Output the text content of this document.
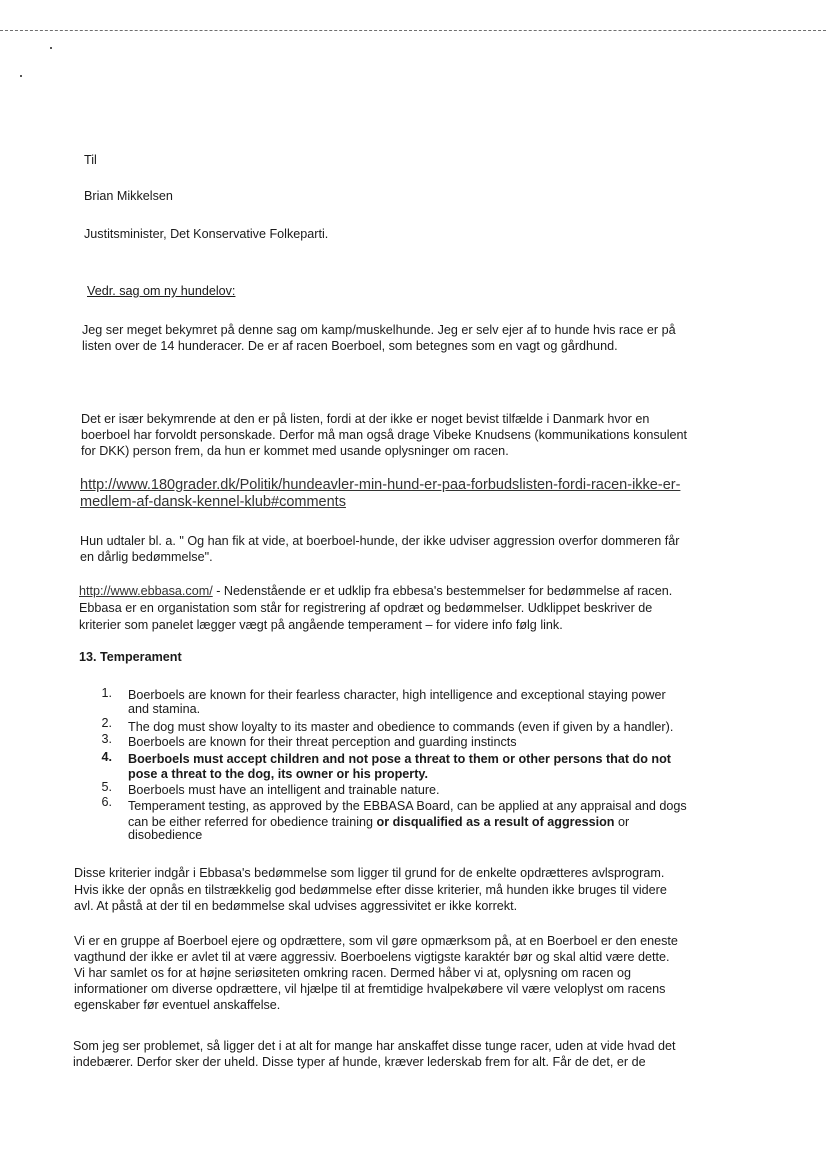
Til
Brian Mikkelsen
Justitsminister, Det Konservative Folkeparti.
Vedr. sag om ny hundelov:
Jeg ser meget bekymret på denne sag om kamp/muskelhunde. Jeg er selv ejer af to hunde hvis race er på
listen over de 14 hunderacer. De er af racen Boerboel, som betegnes som en vagt og gårdhund.
Det er især bekymrende at den er på listen, fordi at der ikke er noget bevist tilfælde i Danmark hvor en
boerboel har forvoldt personskade. Derfor må man også drage Vibeke Knudsens (kommunikations konsulent
for DKK) person frem, da hun er kommet med usande oplysninger om racen.
http://www.180grader.dk/Politik/hundeavler-min-hund-er-paa-forbudslisten-fordi-racen-ikke-er-
medlem-af-dansk-kennel-klub#comments
Hun udtaler bl. a. " Og han fik at vide, at boerboel-hunde, der ikke udviser aggression overfor dommeren får
en dårlig bedømmelse".
http://www.ebbasa.com/ - Nedenstående er et udklip fra ebbesa's bestemmelser for bedømmelse af racen.
Ebbasa er en organistation som står for registrering af opdræt og bedømmelser. Udklippet beskriver de
kriterier som panelet lægger vægt på angående temperament – for videre info følg link.
13. Temperament
1. Boerboels are known for their fearless character, high intelligence and exceptional staying power
and stamina.
2. The dog must show loyalty to its master and obedience to commands (even if given by a handler).
3. Boerboels are known for their threat perception and guarding instincts
4. Boerboels must accept children and not pose a threat to them or other persons that do not
pose a threat to the dog, its owner or his property.
5. Boerboels must have an intelligent and trainable nature.
6. Temperament testing, as approved by the EBBASA Board, can be applied at any appraisal and dogs
can be either referred for obedience training or disqualified as a result of aggression or
disobedience
Disse kriterier indgår i Ebbasa's bedømmelse som ligger til grund for de enkelte opdrætteres avlsprogram.
Hvis ikke der opnås en tilstrækkelig god bedømmelse efter disse kriterier, må hunden ikke bruges til videre
avl. At påstå at der til en bedømmelse skal udvises aggressivitet er ikke korrekt.
Vi er en gruppe af Boerboel ejere og opdrættere, som vil gøre opmærksom på, at en Boerboel er den eneste
vagthund der ikke er avlet til at være aggressiv. Boerboelens vigtigste karaktér bør og skal altid være dette.
Vi har samlet os for at højne seriøsiteten omkring racen. Dermed håber vi at, oplysning om racen og
informationer om diverse opdrættere, vil hjælpe til at fremtidige hvalpekøbere vil være veloplyst om racens
egenskaber før eventuel anskaffelse.
Som jeg ser problemet, så ligger det i at alt for mange har anskaffet disse tunge racer, uden at vide hvad det
indebærer. Derfor sker der uheld. Disse typer af hunde, kræver lederskab frem for alt. Får de det, er de
